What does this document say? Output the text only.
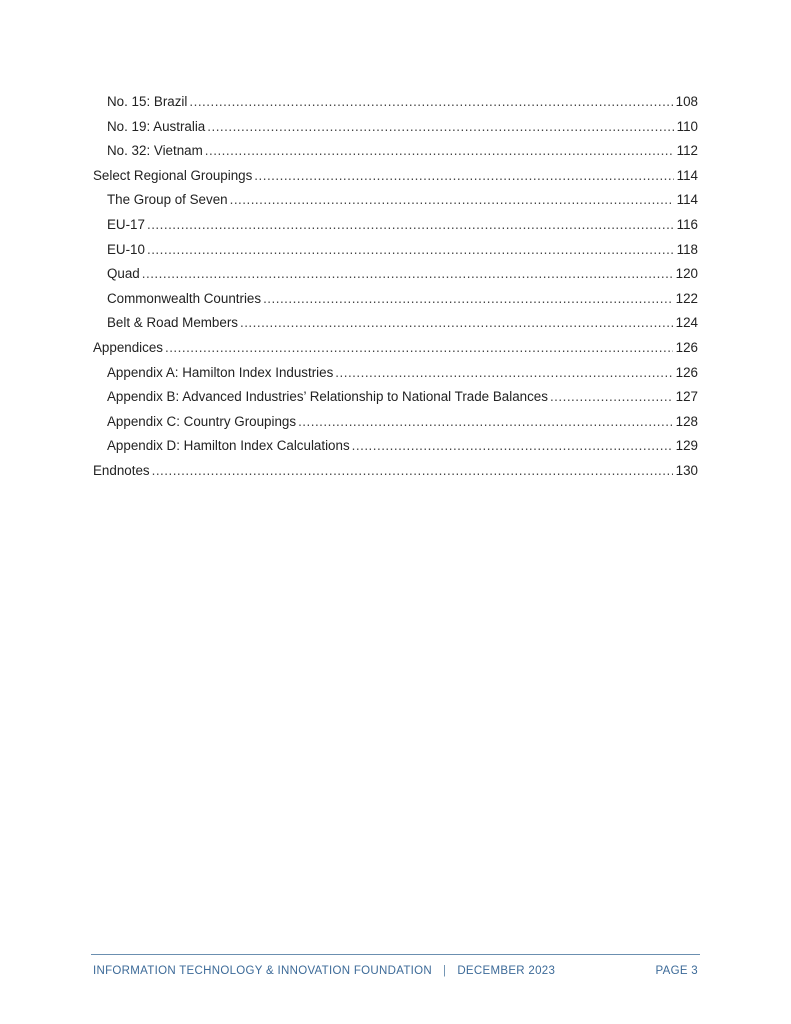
No. 15: Brazil .....	108
No. 19: Australia .....	110
No. 32: Vietnam .....	112
Select Regional Groupings .....	114
The Group of Seven .....	114
EU-17 .....	116
EU-10 .....	118
Quad .....	120
Commonwealth Countries .....	122
Belt & Road Members .....	124
Appendices .....	126
Appendix A: Hamilton Index Industries .....	126
Appendix B: Advanced Industries’ Relationship to National Trade Balances .....	127
Appendix C: Country Groupings .....	128
Appendix D: Hamilton Index Calculations .....	129
Endnotes .....	130
INFORMATION TECHNOLOGY & INNOVATION FOUNDATION | DECEMBER 2023	PAGE 3
